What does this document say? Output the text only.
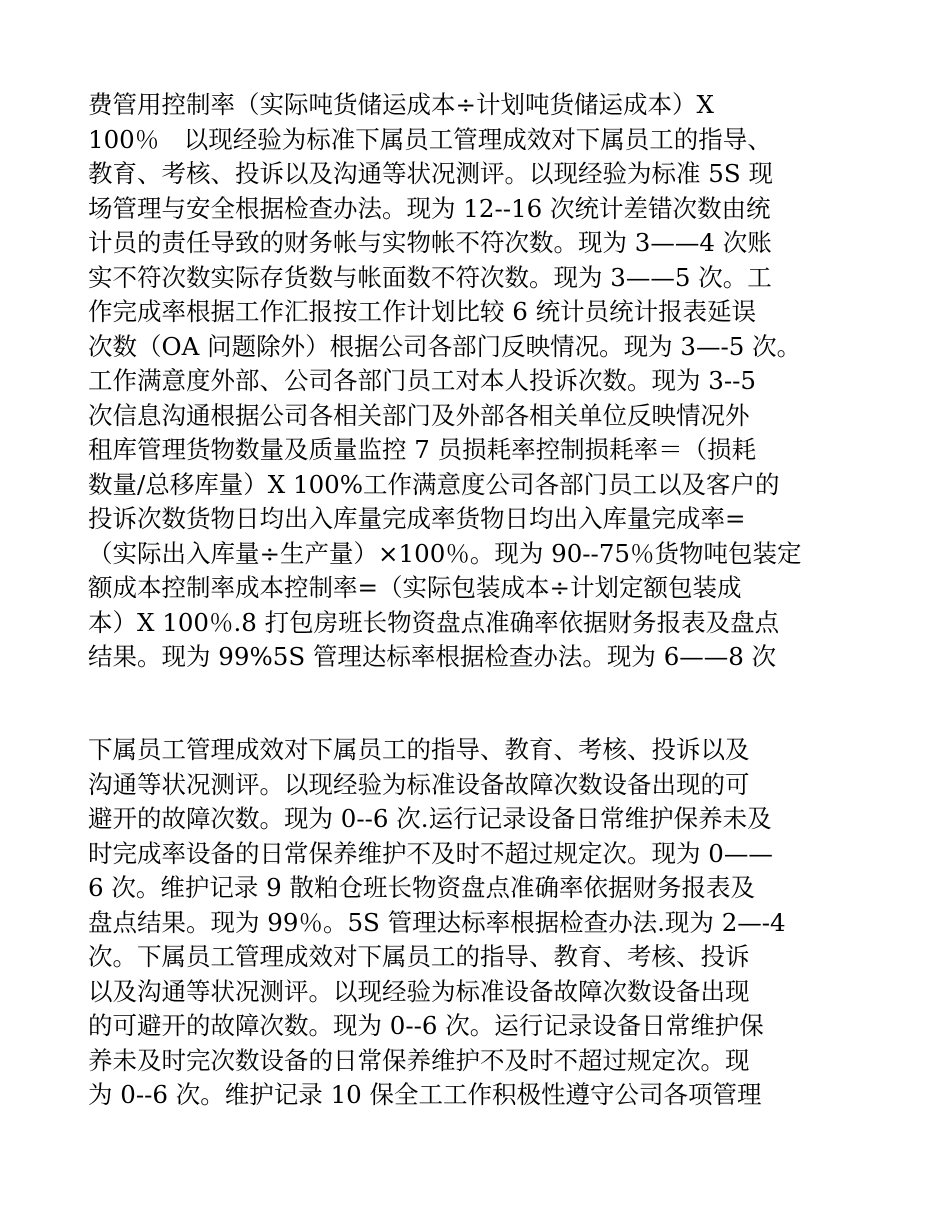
费管用控制率（实际吨货储运成本÷计划吨货储运成本）X
100％　以现经验为标准下属员工管理成效对下属员工的指导、
教育、考核、投诉以及沟通等状况测评。以现经验为标准 5S 现
场管理与安全根据检查办法。现为 12--16 次统计差错次数由统
计员的责任导致的财务帐与实物帐不符次数。现为 3——4 次账
实不符次数实际存货数与帐面数不符次数。现为 3——5 次。工
作完成率根据工作汇报按工作计划比较 6 统计员统计报表延误
次数（OA 问题除外）根据公司各部门反映情况。现为 3—-5 次。
工作满意度外部、公司各部门员工对本人投诉次数。现为 3--5
次信息沟通根据公司各相关部门及外部各相关单位反映情况外
租库管理货物数量及质量监控 7 员损耗率控制损耗率＝（损耗
数量/总移库量）X 100%工作满意度公司各部门员工以及客户的
投诉次数货物日均出入库量完成率货物日均出入库量完成率=
（实际出入库量÷生产量）×100％。现为 90--75％货物吨包装定
额成本控制率成本控制率=（实际包装成本÷计划定额包装成
本）X 100％.8 打包房班长物资盘点准确率依据财务报表及盘点
结果。现为 99%5S 管理达标率根据检查办法。现为 6——8 次
下属员工管理成效对下属员工的指导、教育、考核、投诉以及
沟通等状况测评。以现经验为标准设备故障次数设备出现的可
避开的故障次数。现为 0--6 次.运行记录设备日常维护保养未及
时完成率设备的日常保养维护不及时不超过规定次。现为 0——
6 次。维护记录 9 散粕仓班长物资盘点准确率依据财务报表及
盘点结果。现为 99％。5S 管理达标率根据检查办法.现为 2—-4
次。下属员工管理成效对下属员工的指导、教育、考核、投诉
以及沟通等状况测评。以现经验为标准设备故障次数设备出现
的可避开的故障次数。现为 0--6 次。运行记录设备日常维护保
养未及时完次数设备的日常保养维护不及时不超过规定次。现
为 0--6 次。维护记录 10 保全工工作积极性遵守公司各项管理
